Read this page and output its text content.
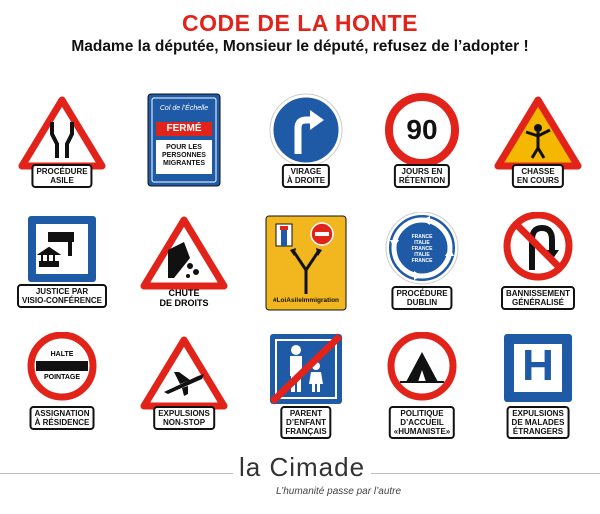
CODE DE LA HONTE
Madame la députée, Monsieur le député, refusez de l’adopter !
PROCÉDURE
ASILE
Col de l’Échelle
FERMÉ
POUR LES
PERSONNES
MIGRANTES
VIRAGE
À DROITE
90
JOURS EN
RÉTENTION
CHASSE
EN COURS
JUSTICE PAR
VISIO-CONFÉRENCE
CHUTE
DE DROITS	#LoiAsileImmigration
FRANCE
ITALIE
FRANCE
ITALIE
FRANCE
PROCÉDURE
DUBLIN
BANNISSEMENT
GÉNÉRALISÉ
HALTE
POINTAGE
ASSIGNATION
À RÉSIDENCE
EXPULSIONS
NON-STOP
PARENT
D’ENFANT
FRANÇAIS
POLITIQUE
D’ACCUEIL
«HUMANISTE»
H
EXPULSIONS
DE MALADES
ÉTRANGERS
la Cimade
L’humanité passe par l’autre
